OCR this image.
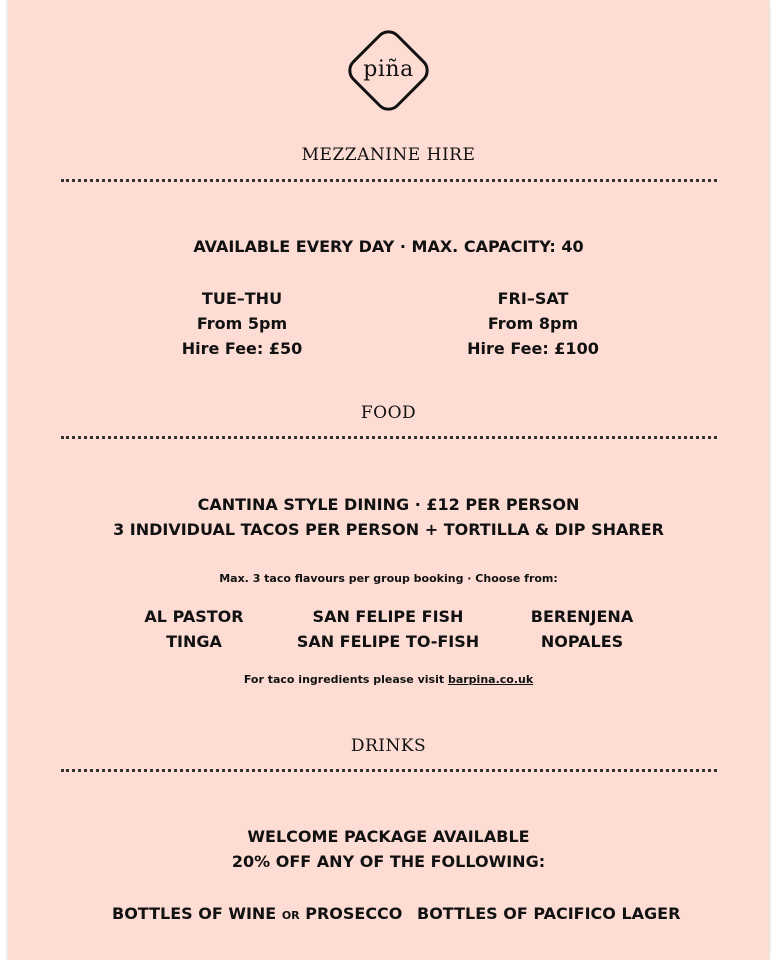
piña
MEZZANINE HIRE
AVAILABLE EVERY DAY · MAX. CAPACITY: 40
TUE–THU
From 5pm
Hire Fee: £50
FRI–SAT
From 8pm
Hire Fee: £100
FOOD
CANTINA STYLE DINING · £12 PER PERSON
3 INDIVIDUAL TACOS PER PERSON + TORTILLA & DIP SHARER
Max. 3 taco flavours per group booking · Choose from:
AL PASTOR
TINGA
SAN FELIPE FISH
SAN FELIPE TO-FISH
BERENJENA
NOPALES
For taco ingredients please visit barpina.co.uk
DRINKS
WELCOME PACKAGE AVAILABLE
20% OFF ANY OF THE FOLLOWING:
BOTTLES OF WINE OR PROSECCO BOTTLES OF PACIFICO LAGER
